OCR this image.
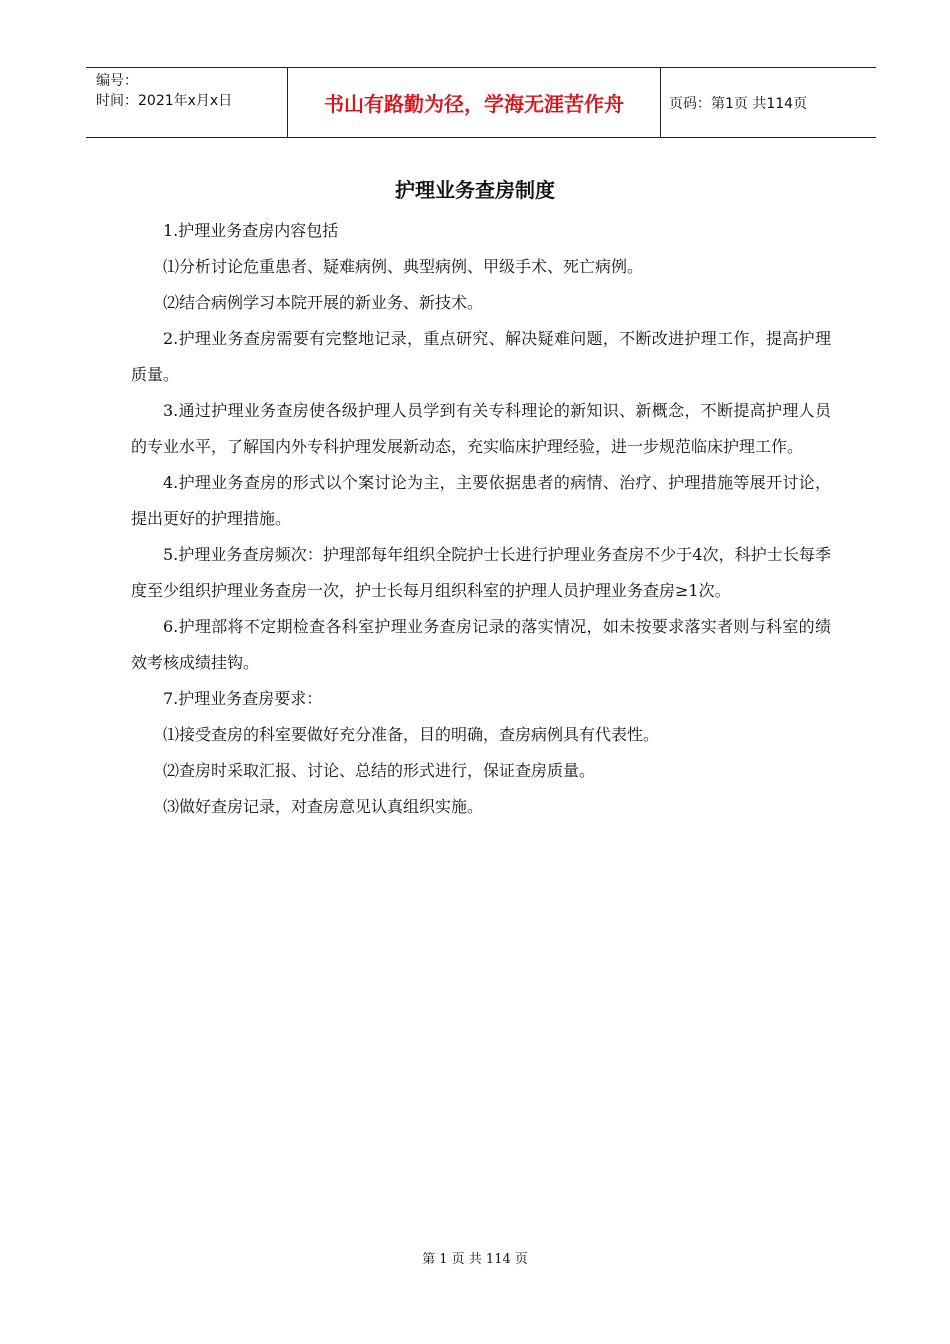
编号：
时间：2021年x月x日	书山有路勤为径，学海无涯苦作舟	页码：第1页 共114页
护理业务查房制度

1.护理业务查房内容包括

⑴分析讨论危重患者、疑难病例、典型病例、甲级手术、死亡病例。

⑵结合病例学习本院开展的新业务、新技术。

2.护理业务查房需要有完整地记录，重点研究、解决疑难问题，不断改进护理工作，提高护理质量。

3.通过护理业务查房使各级护理人员学到有关专科理论的新知识、新概念，不断提高护理人员的专业水平，了解国内外专科护理发展新动态，充实临床护理经验，进一步规范临床护理工作。

4.护理业务查房的形式以个案讨论为主，主要依据患者的病情、治疗、护理措施等展开讨论，提出更好的护理措施。

5.护理业务查房频次：护理部每年组织全院护士长进行护理业务查房不少于4次，科护士长每季度至少组织护理业务查房一次，护士长每月组织科室的护理人员护理业务查房≥1次。

6.护理部将不定期检查各科室护理业务查房记录的落实情况，如未按要求落实者则与科室的绩效考核成绩挂钩。

7.护理业务查房要求：

⑴接受查房的科室要做好充分准备，目的明确，查房病例具有代表性。

⑵查房时采取汇报、讨论、总结的形式进行，保证查房质量。

⑶做好查房记录，对查房意见认真组织实施。

第 1 页 共 114 页
